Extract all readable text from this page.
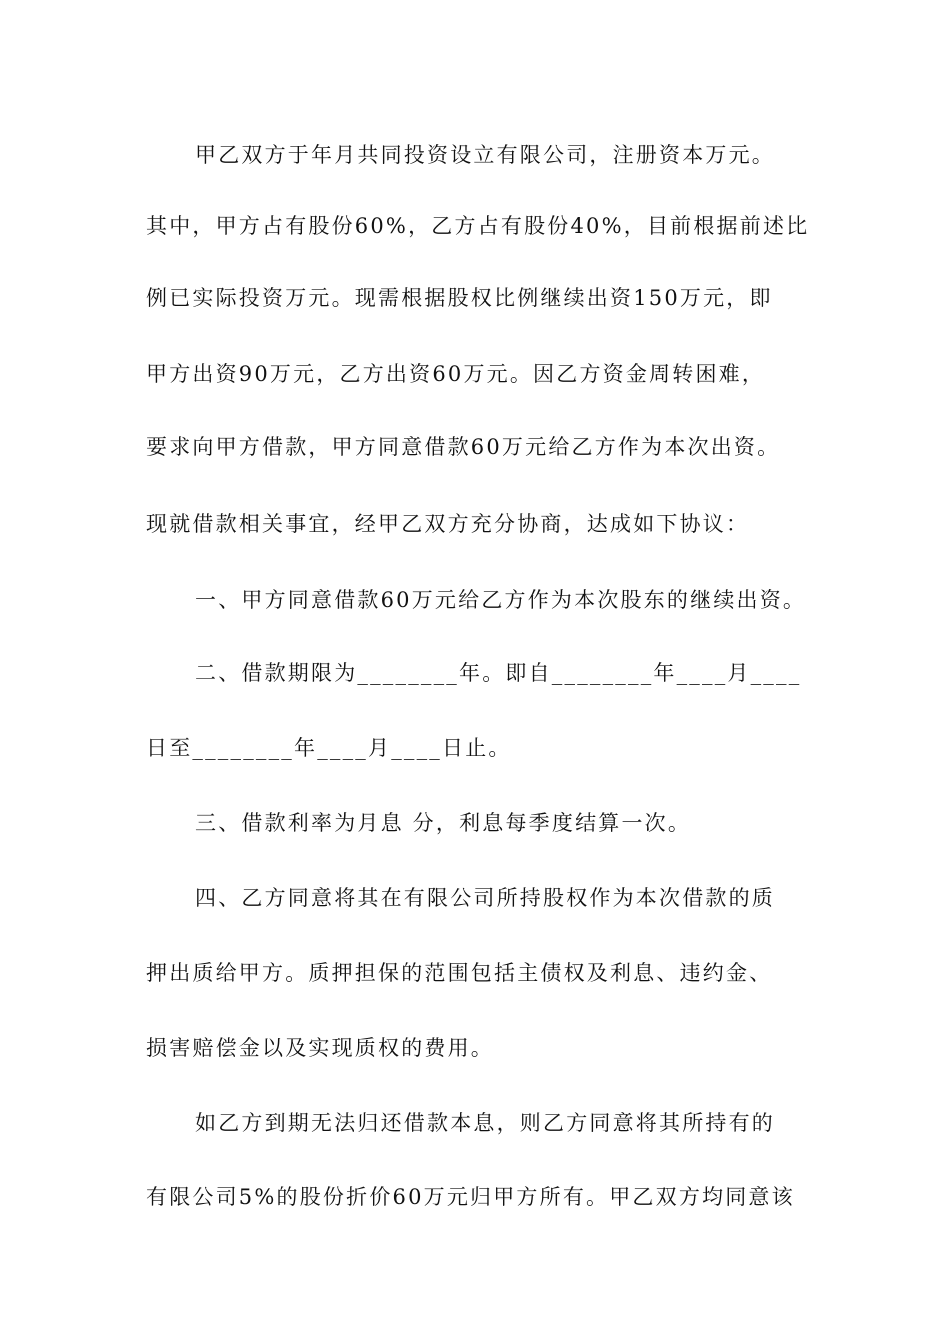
甲乙双方于年月共同投资设立有限公司，注册资本万元。
其中，甲方占有股份60%，乙方占有股份40%，目前根据前述比
例已实际投资万元。现需根据股权比例继续出资150万元，即
甲方出资90万元，乙方出资60万元。因乙方资金周转困难，
要求向甲方借款，甲方同意借款60万元给乙方作为本次出资。
现就借款相关事宜，经甲乙双方充分协商，达成如下协议：
一、甲方同意借款60万元给乙方作为本次股东的继续出资。
二、借款期限为________年。即自________年____月____
日至________年____月____日止。
三、借款利率为月息 分，利息每季度结算一次。
四、乙方同意将其在有限公司所持股权作为本次借款的质
押出质给甲方。质押担保的范围包括主债权及利息、违约金、
损害赔偿金以及实现质权的费用。
如乙方到期无法归还借款本息，则乙方同意将其所持有的
有限公司5%的股份折价60万元归甲方所有。甲乙双方均同意该
